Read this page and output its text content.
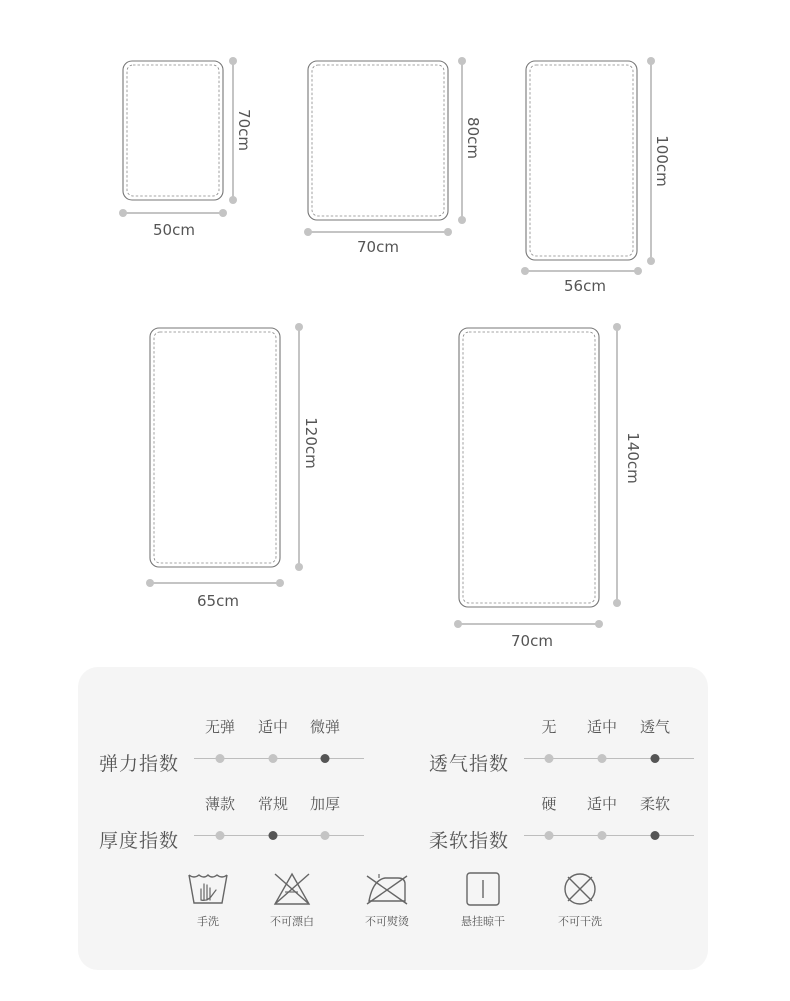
70cm
50cm
80cm
70cm
100cm
56cm
120cm
65cm
140cm
70cm
弹力指数
无弹 适中 微弹
透气指数
无 适中 透气
厚度指数
薄款 常规 加厚
柔软指数
硬 适中 柔软
手洗	不可漂白	不可熨烫	悬挂晾干	不可干洗
